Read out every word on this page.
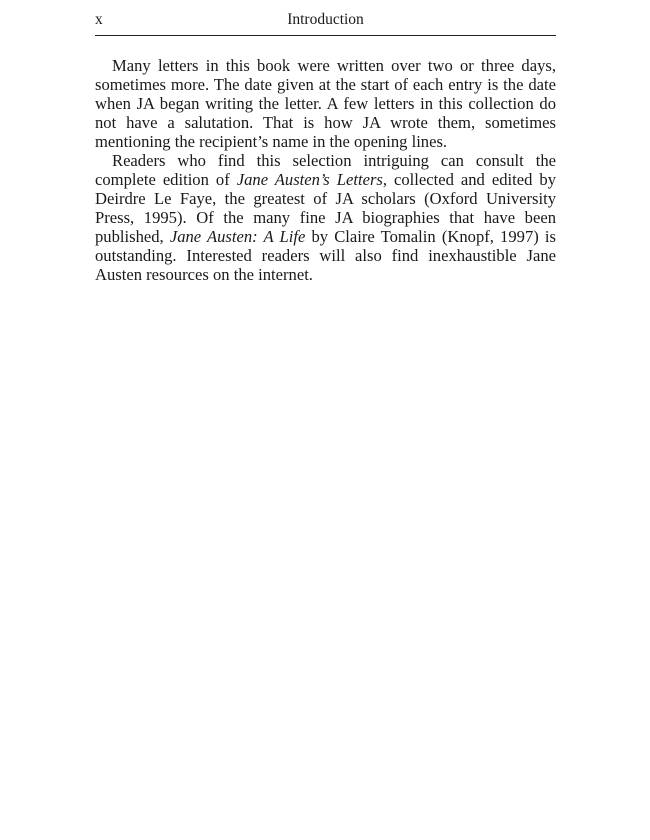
x	Introduction

Many letters in this book were written over two or three days, sometimes more. The date given at the start of each entry is the date when JA began writing the letter. A few letters in this collection do not have a salutation. That is how JA wrote them, sometimes mentioning the recipient’s name in the opening lines.

Readers who find this selection intriguing can consult the complete edition of Jane Austen’s Letters, collected and edited by Deirdre Le Faye, the greatest of JA scholars (Oxford University Press, 1995). Of the many fine JA biographies that have been published, Jane Austen: A Life by Claire Tomalin (Knopf, 1997) is outstanding. Interested readers will also find inexhaustible Jane Austen resources on the internet.
